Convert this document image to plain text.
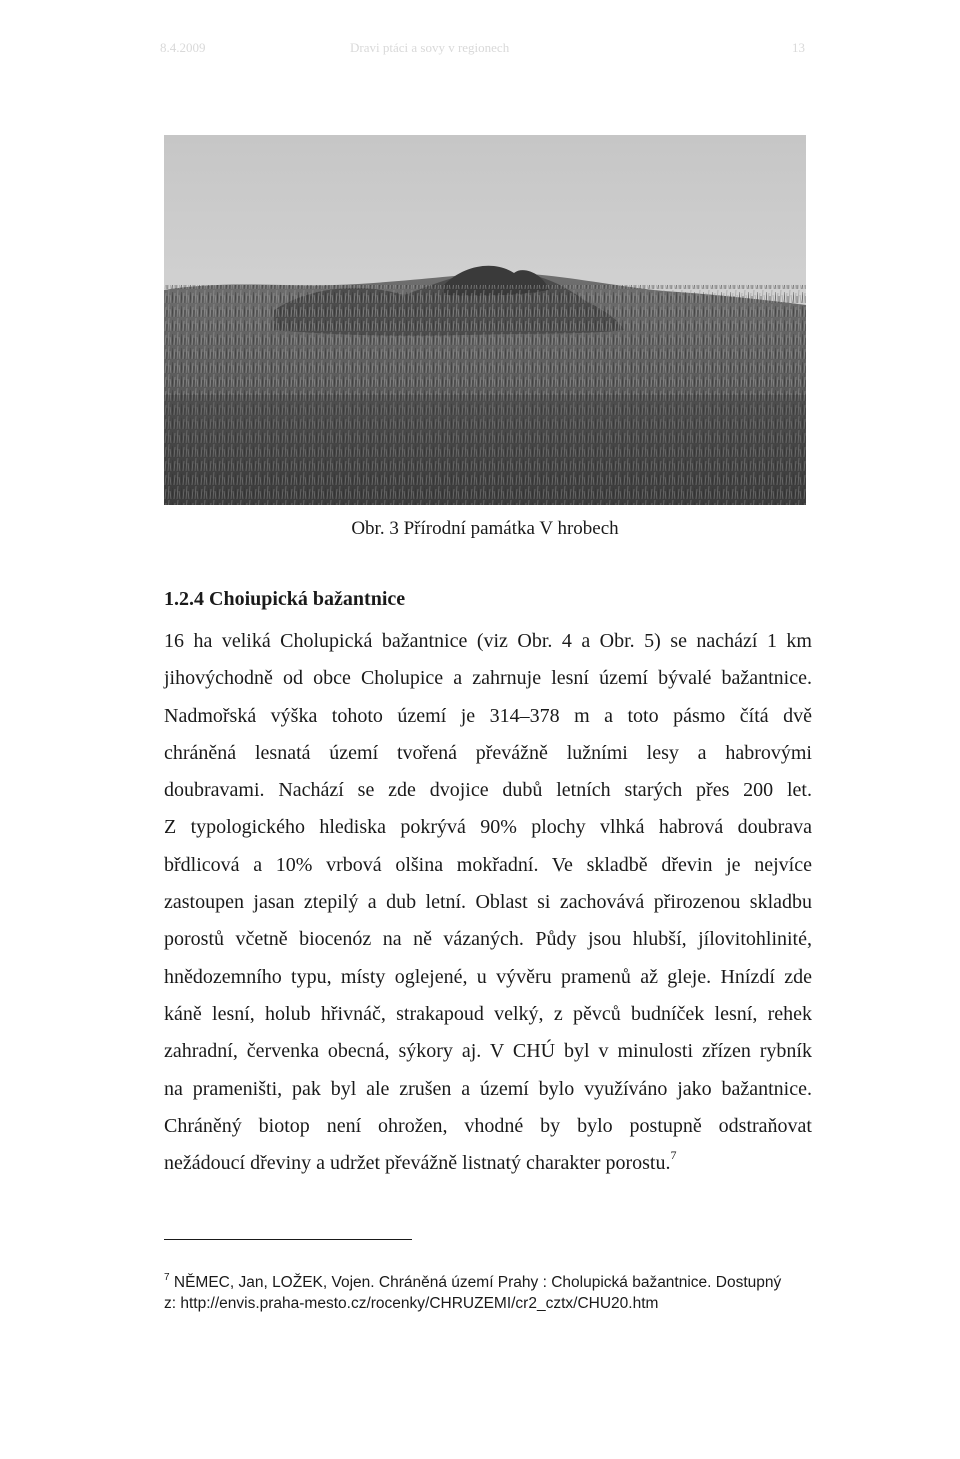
8.4.2009	Dravi ptáci a sovy v regionech	13
Obr. 3 Přírodní památka V hrobech
1.2.4 Choiupická bažantnice

16 ha veliká Cholupická bažantnice (viz Obr. 4 a Obr. 5) se nachází 1 km
jihovýchodně od obce Cholupice a zahrnuje lesní území bývalé bažantnice.
Nadmořská výška tohoto území je 314–378 m a toto pásmo čítá dvě
chráněná lesnatá území tvořená převážně lužními lesy a habrovými
doubravami. Nachází se zde dvojice dubů letních starých přes 200 let.
Z typologického hlediska pokrývá 90% plochy vlhká habrová doubrava
břdlicová a 10% vrbová olšina mokřadní. Ve skladbě dřevin je nejvíce
zastoupen jasan ztepilý a dub letní. Oblast si zachovává přirozenou skladbu
porostů včetně biocenóz na ně vázaných. Půdy jsou hlubší, jílovitohlinité,
hnědozemního typu, místy oglejené, u vývěru pramenů až gleje. Hnízdí zde
káně lesní, holub hřivnáč, strakapoud velký, z pěvců budníček lesní, rehek
zahradní, červenka obecná, sýkory aj. V CHÚ byl v minulosti zřízen rybník
na prameništi, pak byl ale zrušen a území bylo využíváno jako bažantnice.
Chráněný biotop není ohrožen, vhodné by bylo postupně odstraňovat
nežádoucí dřeviny a udržet převážně listnatý charakter porostu.$^7$

$^7$ NĚMEC, Jan, LOŽEK, Vojen. Chráněná území Prahy : Cholupická bažantnice. Dostupný
z: http://envis.praha-mesto.cz/rocenky/CHRUZEMI/cr2_cztx/CHU20.htm
